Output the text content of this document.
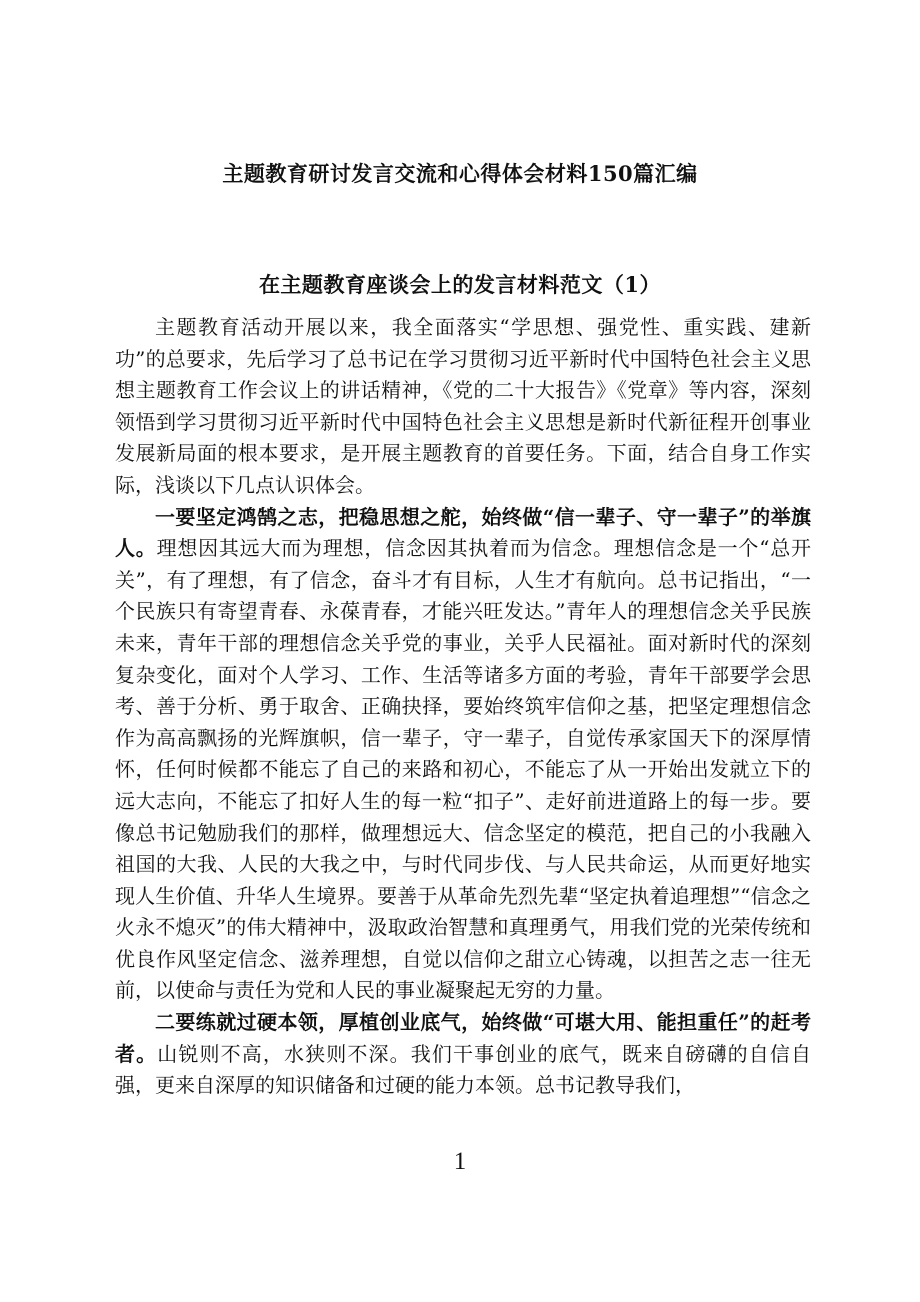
主题教育研讨发言交流和心得体会材料150篇汇编
在主题教育座谈会上的发言材料范文（1）

主题教育活动开展以来，我全面落实“学思想、强党性、重实践、建新功”的总要求，先后学习了总书记在学习贯彻习近平新时代中国特色社会主义思想主题教育工作会议上的讲话精神，《党的二十大报告》《党章》等内容，深刻领悟到学习贯彻习近平新时代中国特色社会主义思想是新时代新征程开创事业发展新局面的根本要求，是开展主题教育的首要任务。下面，结合自身工作实际，浅谈以下几点认识体会。

一要坚定鸿鹄之志，把稳思想之舵，始终做“信一辈子、守一辈子”的举旗人。理想因其远大而为理想，信念因其执着而为信念。理想信念是一个“总开关”，有了理想，有了信念，奋斗才有目标，人生才有航向。总书记指出，“一个民族只有寄望青春、永葆青春，才能兴旺发达。”青年人的理想信念关乎民族未来，青年干部的理想信念关乎党的事业，关乎人民福祉。面对新时代的深刻复杂变化，面对个人学习、工作、生活等诸多方面的考验，青年干部要学会思考、善于分析、勇于取舍、正确抉择，要始终筑牢信仰之基，把坚定理想信念作为高高飘扬的光辉旗帜，信一辈子，守一辈子，自觉传承家国天下的深厚情怀，任何时候都不能忘了自己的来路和初心，不能忘了从一开始出发就立下的远大志向，不能忘了扣好人生的每一粒“扣子”、走好前进道路上的每一步。要像总书记勉励我们的那样，做理想远大、信念坚定的模范，把自己的小我融入祖国的大我、人民的大我之中，与时代同步伐、与人民共命运，从而更好地实现人生价值、升华人生境界。要善于从革命先烈先辈“坚定执着追理想”“信念之火永不熄灭”的伟大精神中，汲取政治智慧和真理勇气，用我们党的光荣传统和优良作风坚定信念、滋养理想，自觉以信仰之甜立心铸魂，以担苦之志一往无前，以使命与责任为党和人民的事业凝聚起无穷的力量。

二要练就过硬本领，厚植创业底气，始终做“可堪大用、能担重任”的赶考者。山锐则不高，水狭则不深。我们干事创业的底气，既来自磅礴的自信自强，更来自深厚的知识储备和过硬的能力本领。总书记教导我们，

1
